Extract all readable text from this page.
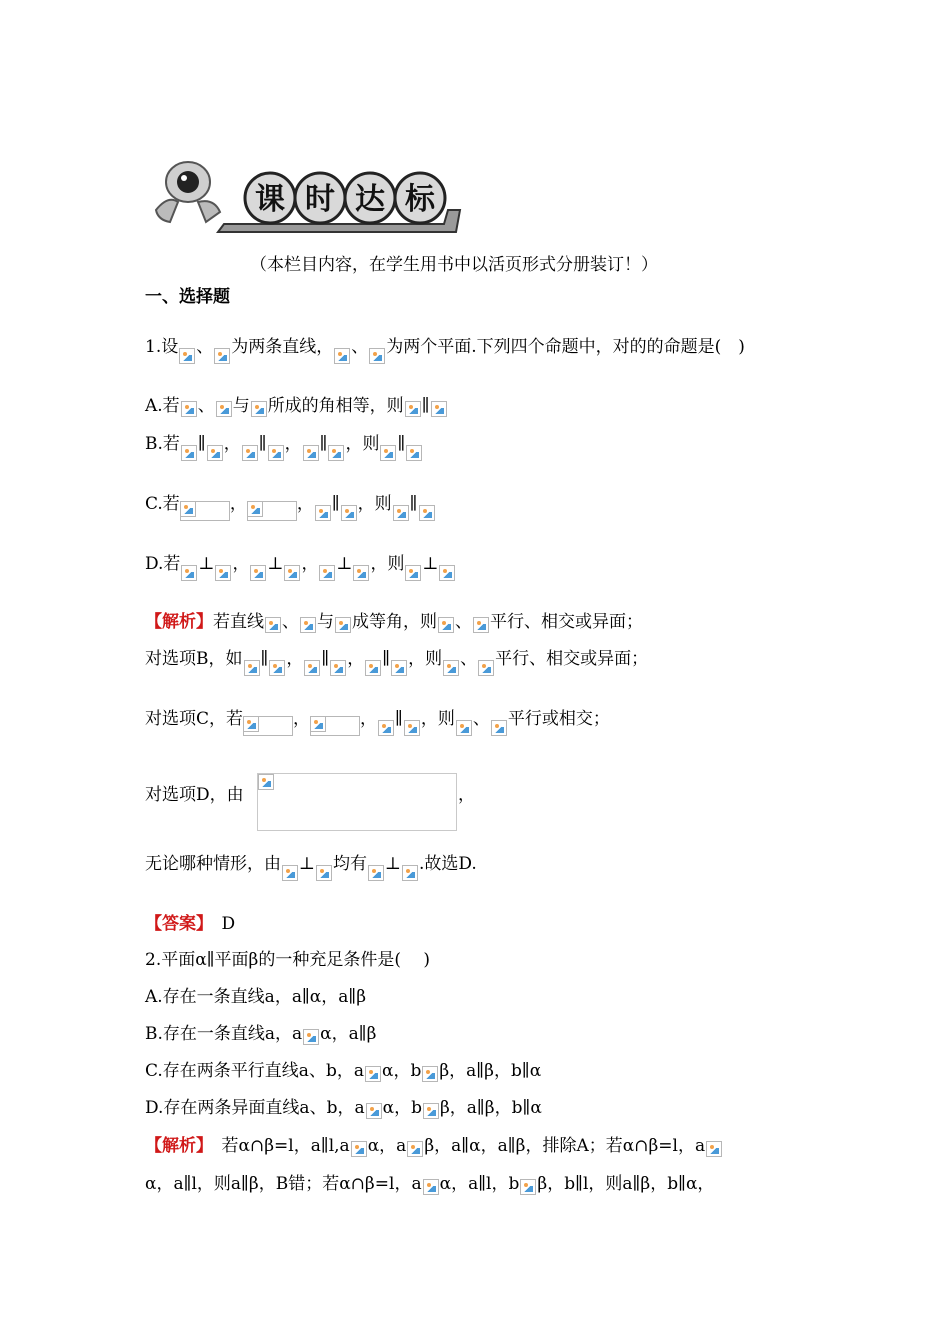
课 时 达 标
（本栏目内容，在学生用书中以活页形式分册装订！）
一、选择题
1.设 、 为两条直线， 、 为两个平面.下列四个命题中，对的的命题是(　)
A.若 、 与 所成的角相等，则 ∥
B.若 ∥ ， ∥ ， ∥ ，则 ∥
C.若	，	， ∥ ，则 ∥
D.若 ⊥ ， ⊥ ， ⊥ ，则 ⊥
【解析】若直线 、 与 成等角，则 、 平行、相交或异面；
对选项B，如 ∥ ， ∥ ， ∥ ，则 、 平行、相交或异面；
对选项C，若	，	， ∥ ，则 、 平行或相交；
对选项D，由	，
无论哪种情形，由 ⊥ 均有 ⊥ .故选D.
【答案】　 D
2.平面α∥平面β的一种充足条件是(　 )
A.存在一条直线a，a∥α，a∥β
B.存在一条直线a，a α，a∥β
C.存在两条平行直线a、b，a α，b β，a∥β，b∥α
D.存在两条异面直线a、b，a α，b β，a∥β，b∥α
【解析】　若α∩β=l，a∥l,a α，a β，a∥α，a∥β，排除A；若α∩β=l，a
α，a∥l，则a∥β，B错；若α∩β=l，a α，a∥l，b β，b∥l，则a∥β，b∥α，
